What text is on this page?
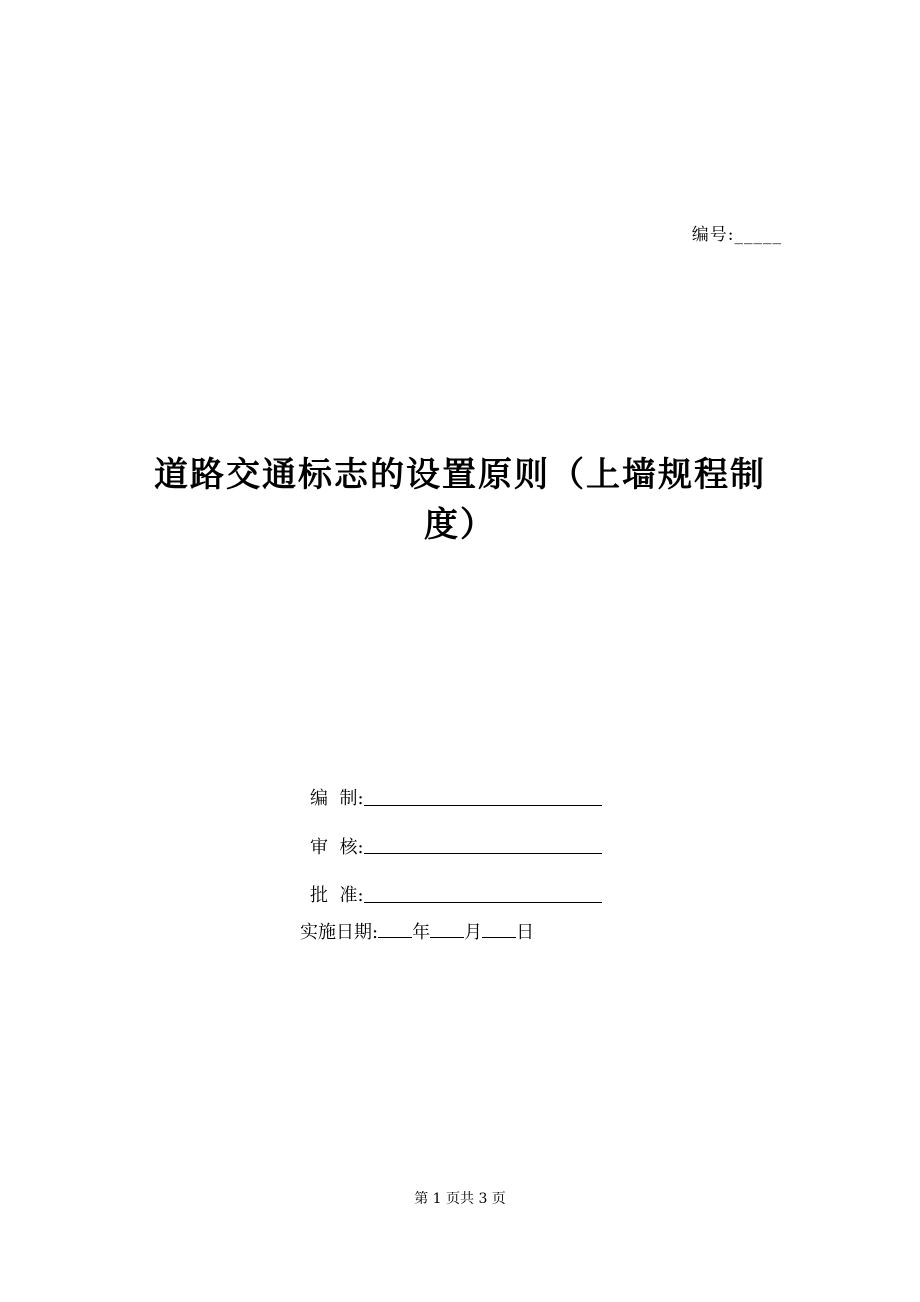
编号:_____
道路交通标志的设置原则（上墙规程制
度）
编  制:
审  核:
批  准:
实施日期: 年 月 日
第 1 页共 3 页
